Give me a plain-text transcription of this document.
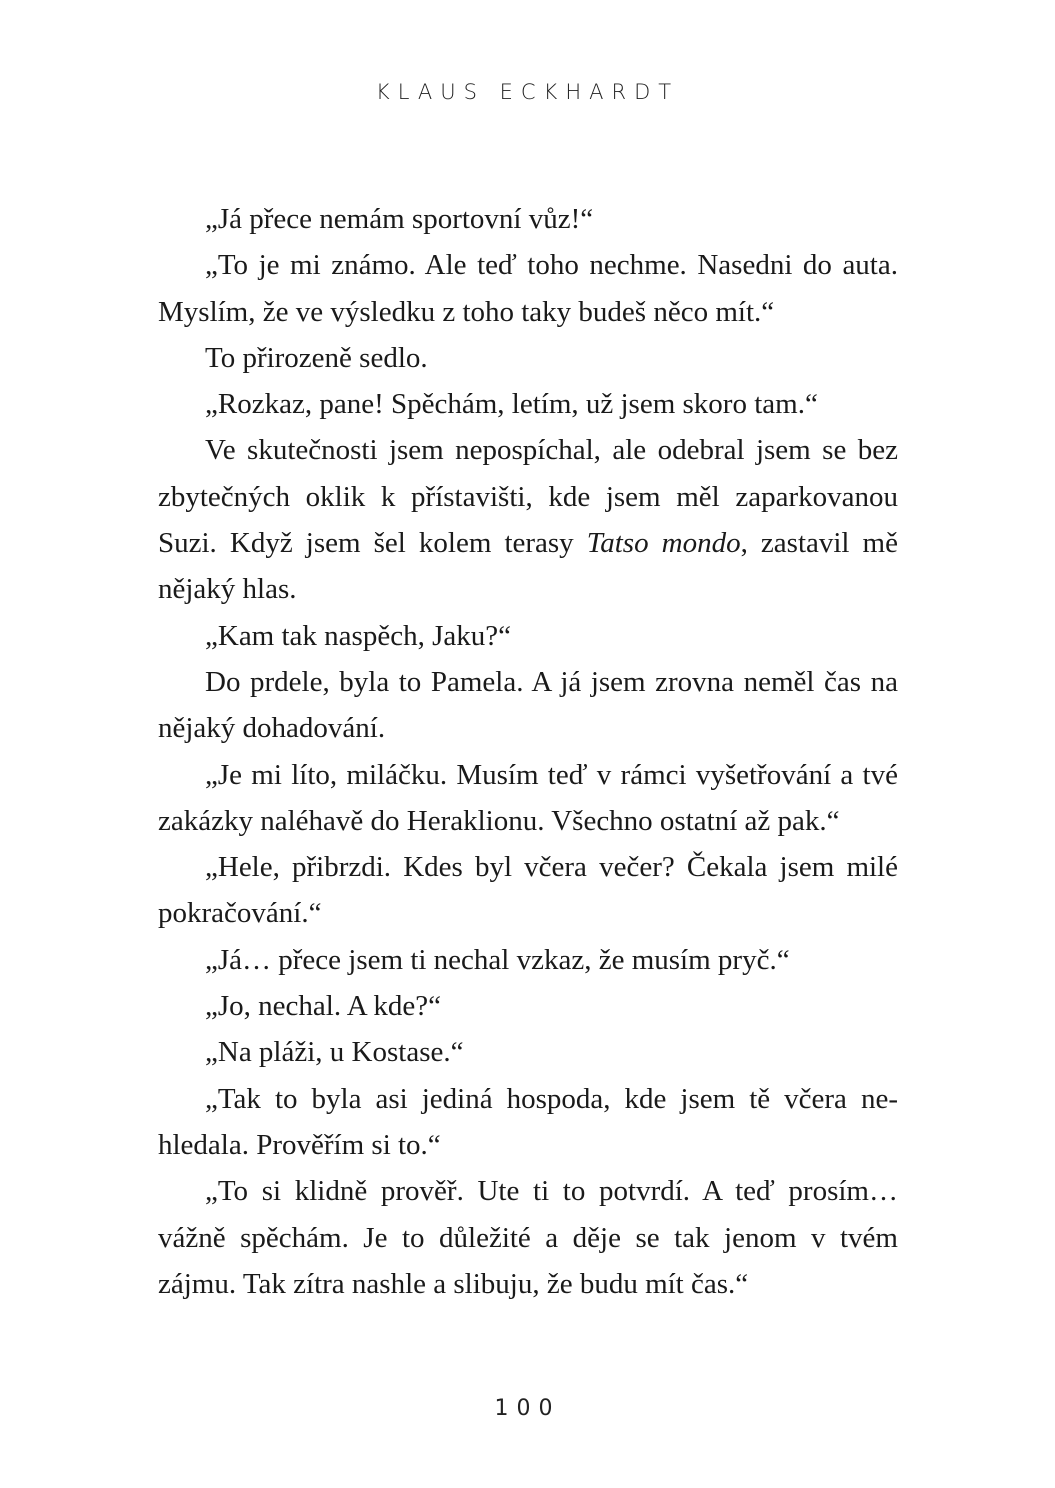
KLAUS ECKHARDT

„Já přece nemám sportovní vůz!“

„To je mi známo. Ale teď toho nechme. Nasedni do auta. Myslím, že ve výsledku z toho taky budeš něco mít.“

To přirozeně sedlo.

„Rozkaz, pane! Spěchám, letím, už jsem skoro tam.“

Ve skutečnosti jsem nepospíchal, ale odebral jsem se bez zbytečných oklik k přístavišti, kde jsem měl zaparkovanou Suzi. Když jsem šel kolem terasy Tatso mondo, zastavil mě nějaký hlas.

„Kam tak naspěch, Jaku?“

Do prdele, byla to Pamela. A já jsem zrovna neměl čas na nějaký dohadování.

„Je mi líto, miláčku. Musím teď v rámci vyšetřování a tvé zakázky naléhavě do Heraklionu. Všechno ostatní až pak.“

„Hele, přibrzdi. Kdes byl včera večer? Čekala jsem milé pokračování.“

„Já… přece jsem ti nechal vzkaz, že musím pryč.“

„Jo, nechal. A kde?“

„Na pláži, u Kostase.“

„Tak to byla asi jediná hospoda, kde jsem tě včera nehledala. Prověřím si to.“

„To si klidně prověř. Ute ti to potvrdí. A teď prosím… vážně spěchám. Je to důležité a děje se tak jenom v tvém zájmu. Tak zítra nashle a slibuju, že budu mít čas.“

100
